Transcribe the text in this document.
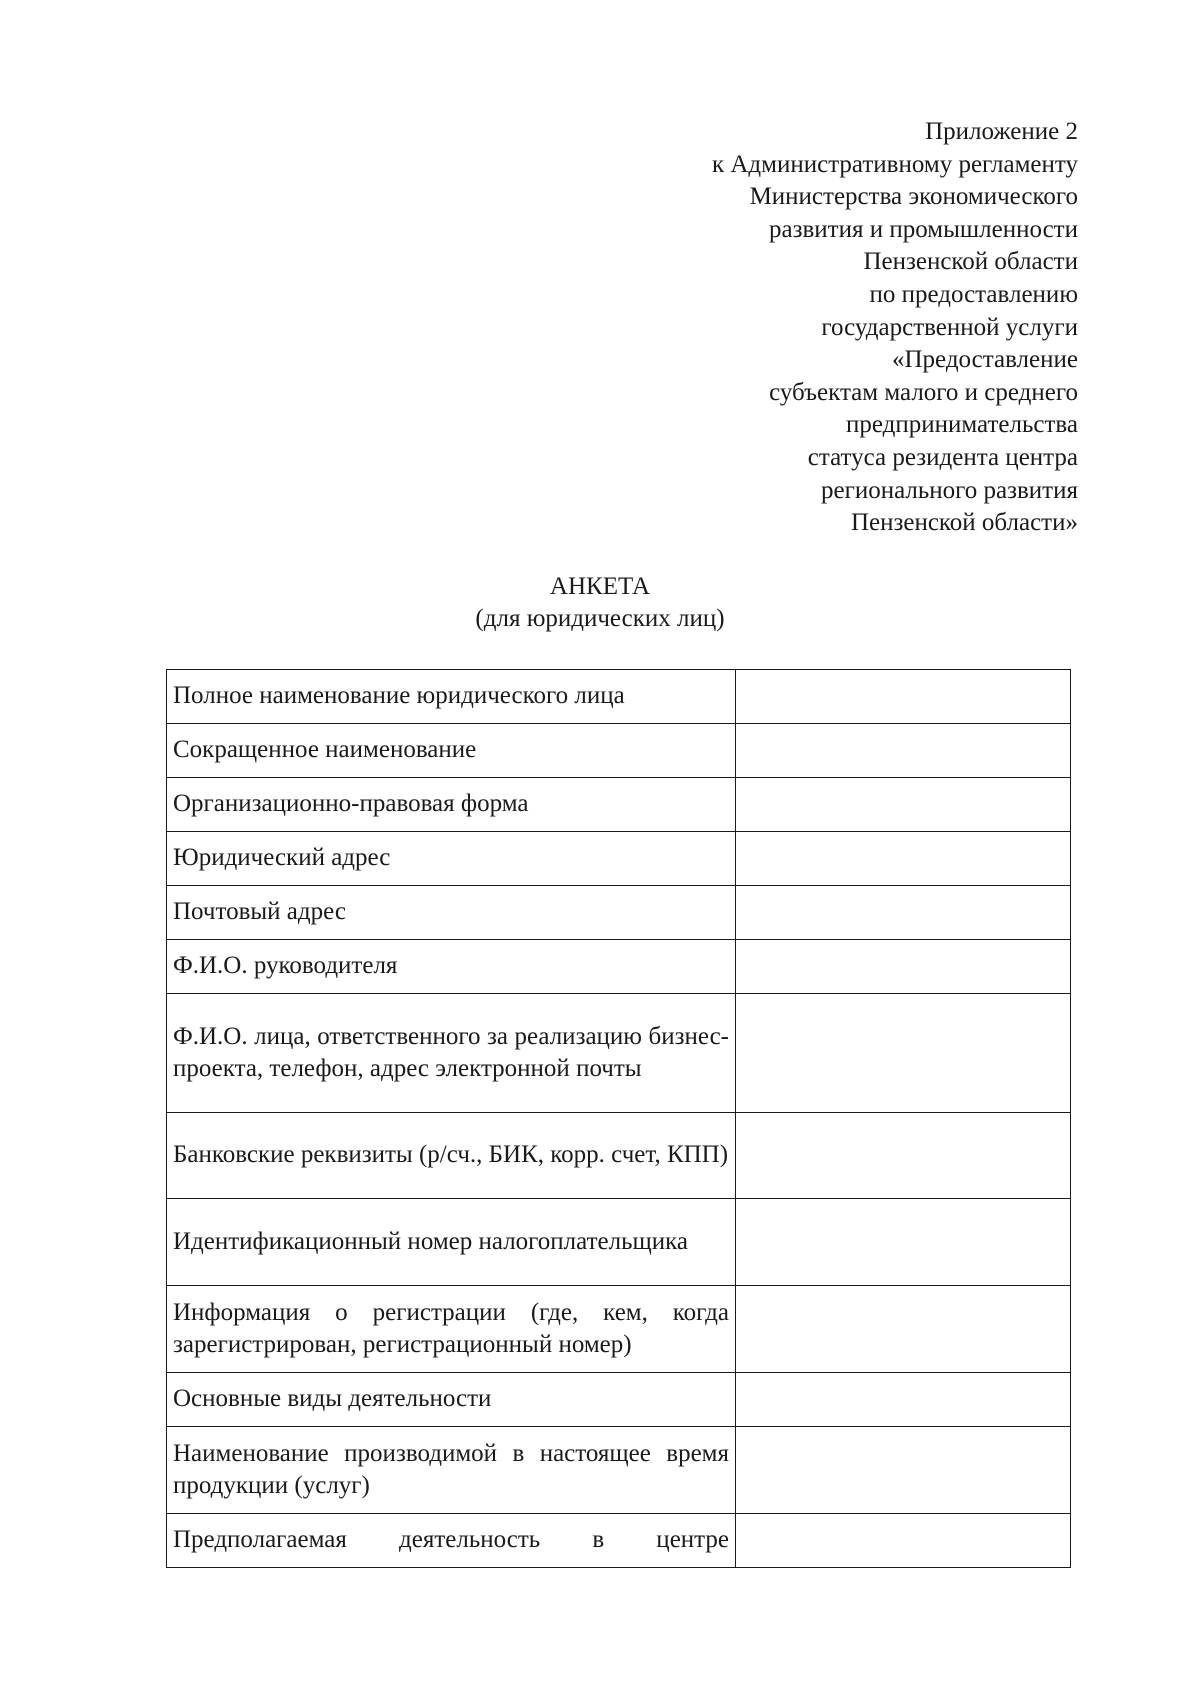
Приложение 2
к Административному регламенту
Министерства экономического
развития и промышленности
Пензенской области
по предоставлению
государственной услуги
«Предоставление
субъектам малого и среднего
предпринимательства
статуса резидента центра
регионального развития
Пензенской области»
АНКЕТА
(для юридических лиц)
Полное наименование юридического лица	
Сокращенное наименование	
Организационно-правовая форма	
Юридический адрес	
Почтовый адрес	
Ф.И.О. руководителя	
Ф.И.О. лица, ответственного за реализацию бизнес-проекта, телефон, адрес электронной почты	
Банковские реквизиты (р/сч., БИК, корр. счет, КПП)	
Идентификационный номер налогоплательщика	
Информация о регистрации (где, кем, когда зарегистрирован, регистрационный номер)	
Основные виды деятельности	
Наименование производимой в настоящее время продукции (услуг)	
Предполагаемая деятельность в центре	
